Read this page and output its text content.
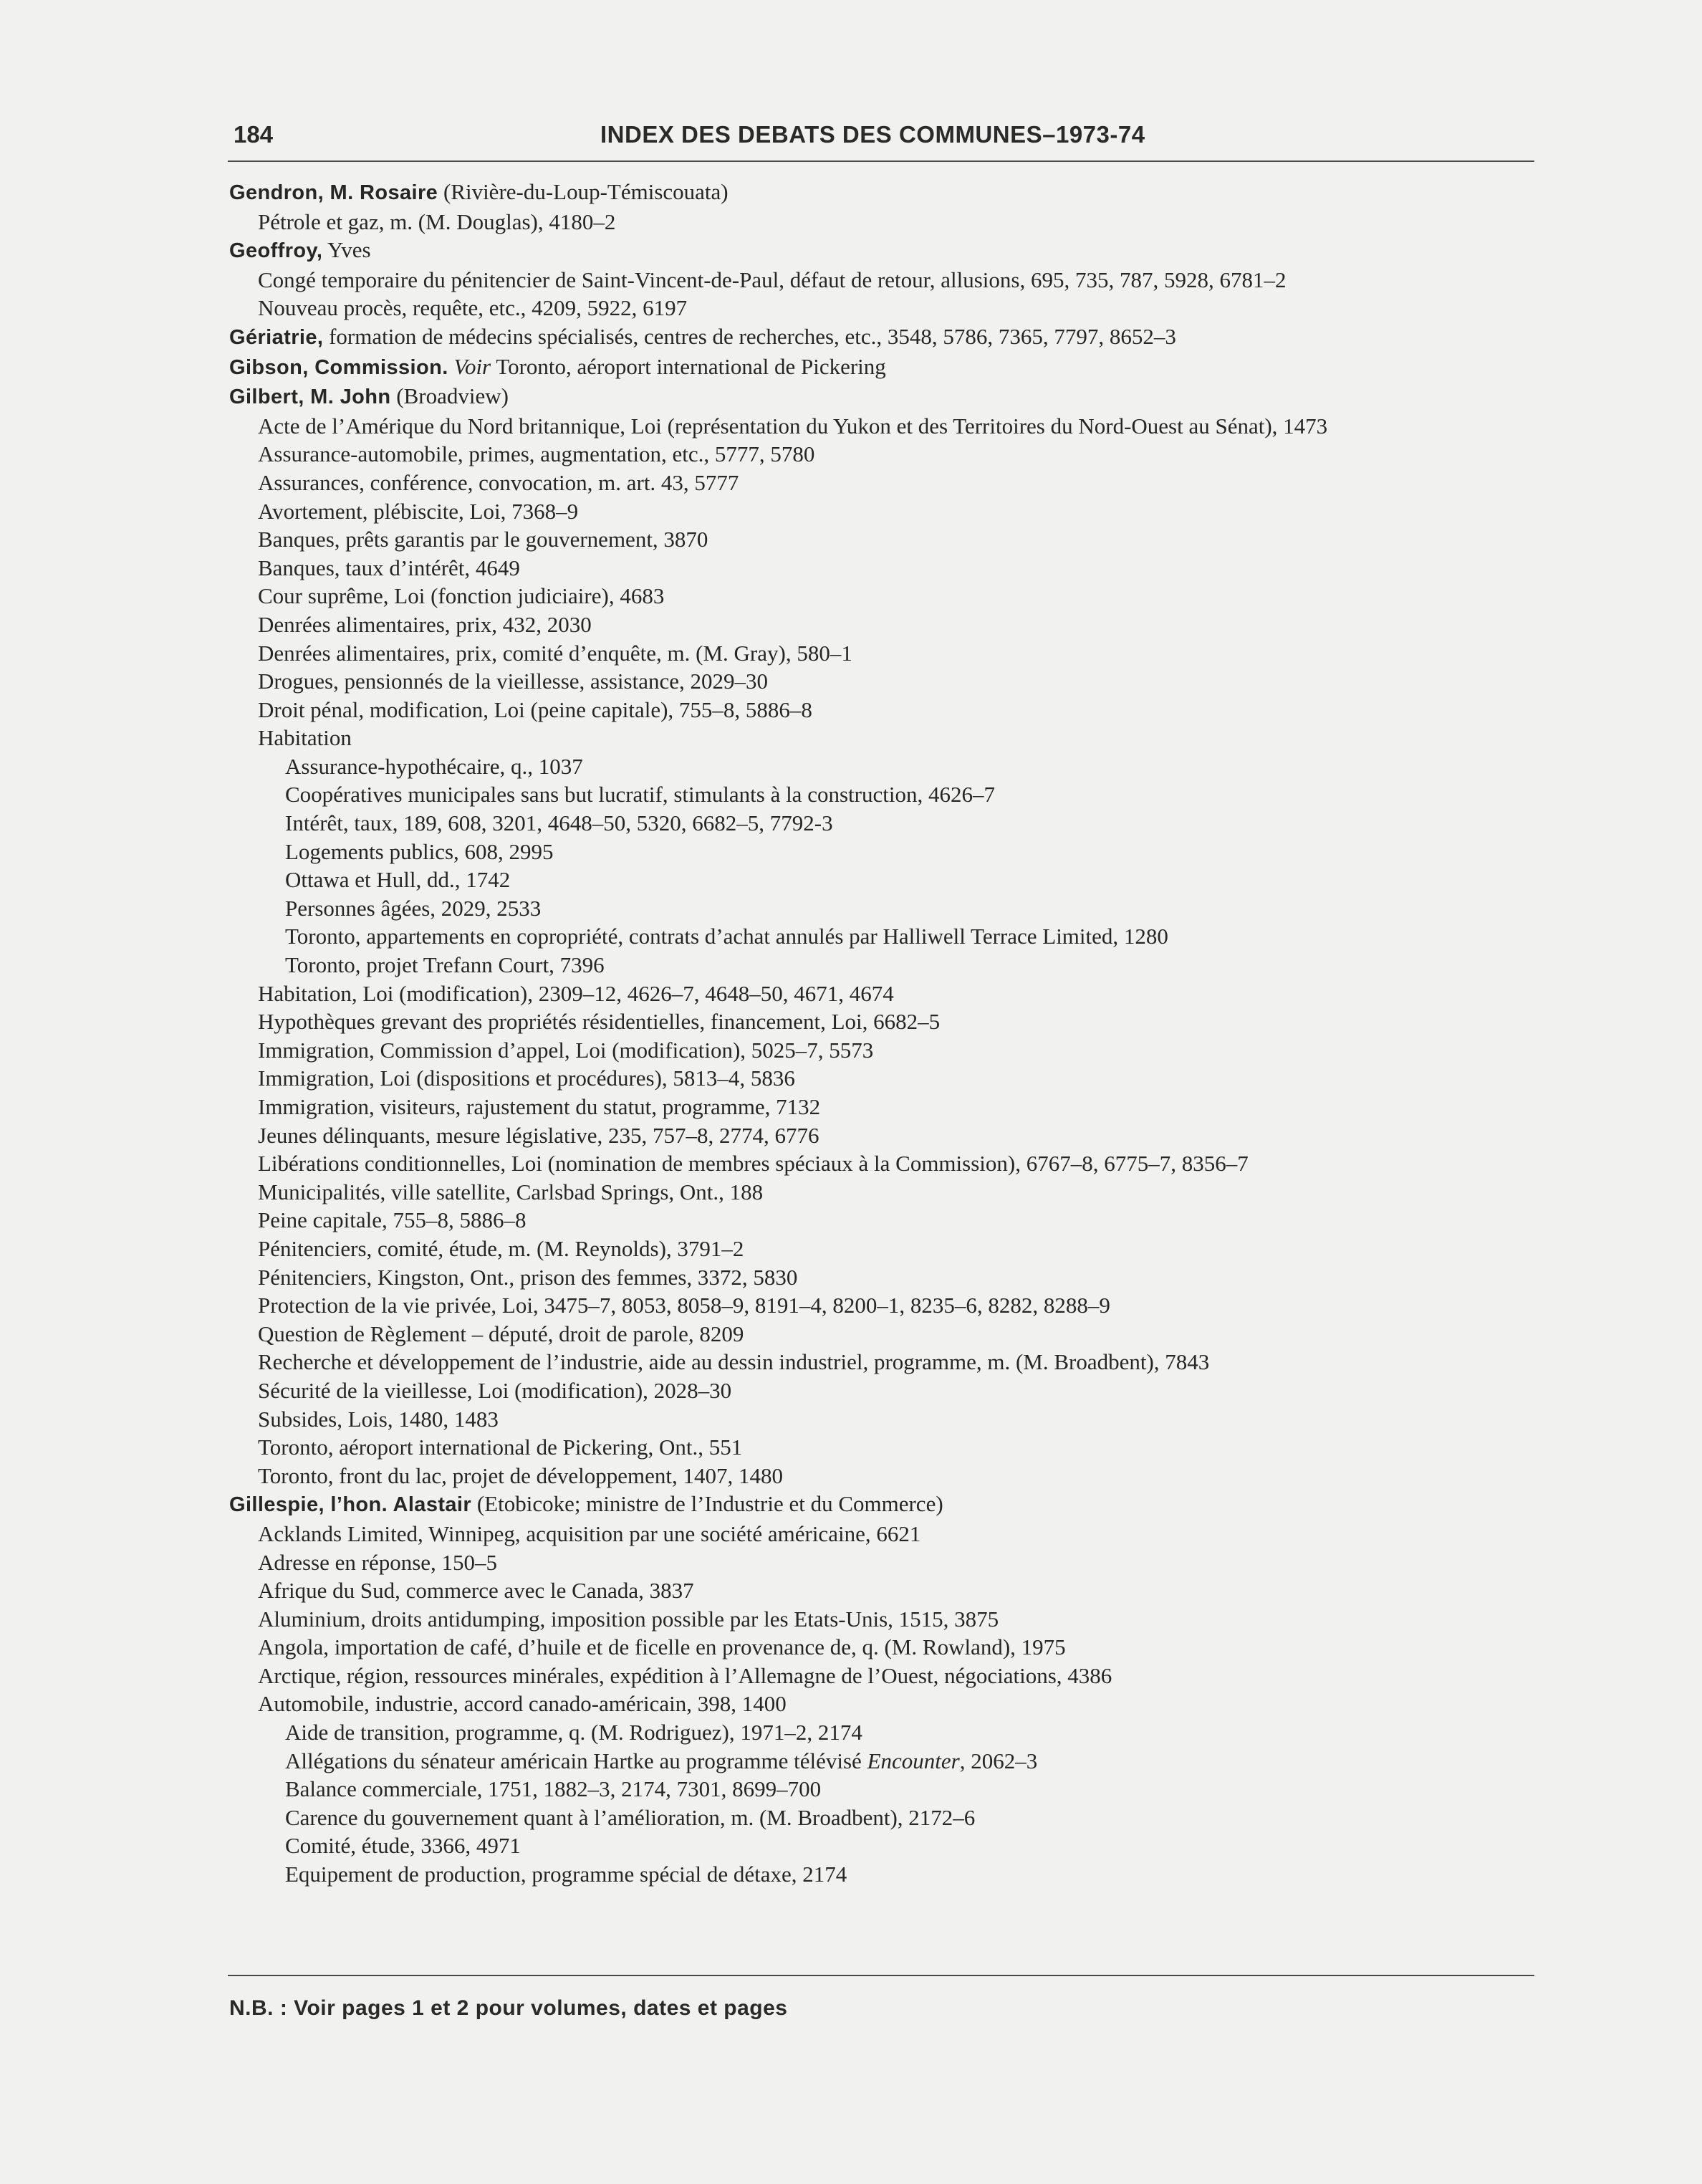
184	INDEX DES DEBATS DES COMMUNES–1973-74
Gendron, M. Rosaire (Rivière-du-Loup-Témiscouata)
Pétrole et gaz, m. (M. Douglas), 4180–2
Geoffroy, Yves
Congé temporaire du pénitencier de Saint-Vincent-de-Paul, défaut de retour, allusions, 695, 735, 787, 5928, 6781–2
Nouveau procès, requête, etc., 4209, 5922, 6197
Gériatrie, formation de médecins spécialisés, centres de recherches, etc., 3548, 5786, 7365, 7797, 8652–3
Gibson, Commission. Voir Toronto, aéroport international de Pickering
Gilbert, M. John (Broadview)
Acte de l’Amérique du Nord britannique, Loi (représentation du Yukon et des Territoires du Nord-Ouest au Sénat), 1473
Assurance-automobile, primes, augmentation, etc., 5777, 5780
Assurances, conférence, convocation, m. art. 43, 5777
Avortement, plébiscite, Loi, 7368–9
Banques, prêts garantis par le gouvernement, 3870
Banques, taux d’intérêt, 4649
Cour suprême, Loi (fonction judiciaire), 4683
Denrées alimentaires, prix, 432, 2030
Denrées alimentaires, prix, comité d’enquête, m. (M. Gray), 580–1
Drogues, pensionnés de la vieillesse, assistance, 2029–30
Droit pénal, modification, Loi (peine capitale), 755–8, 5886–8
Habitation
Assurance-hypothécaire, q., 1037
Coopératives municipales sans but lucratif, stimulants à la construction, 4626–7
Intérêt, taux, 189, 608, 3201, 4648–50, 5320, 6682–5, 7792-3
Logements publics, 608, 2995
Ottawa et Hull, dd., 1742
Personnes âgées, 2029, 2533
Toronto, appartements en copropriété, contrats d’achat annulés par Halliwell Terrace Limited, 1280
Toronto, projet Trefann Court, 7396
Habitation, Loi (modification), 2309–12, 4626–7, 4648–50, 4671, 4674
Hypothèques grevant des propriétés résidentielles, financement, Loi, 6682–5
Immigration, Commission d’appel, Loi (modification), 5025–7, 5573
Immigration, Loi (dispositions et procédures), 5813–4, 5836
Immigration, visiteurs, rajustement du statut, programme, 7132
Jeunes délinquants, mesure législative, 235, 757–8, 2774, 6776
Libérations conditionnelles, Loi (nomination de membres spéciaux à la Commission), 6767–8, 6775–7, 8356–7
Municipalités, ville satellite, Carlsbad Springs, Ont., 188
Peine capitale, 755–8, 5886–8
Pénitenciers, comité, étude, m. (M. Reynolds), 3791–2
Pénitenciers, Kingston, Ont., prison des femmes, 3372, 5830
Protection de la vie privée, Loi, 3475–7, 8053, 8058–9, 8191–4, 8200–1, 8235–6, 8282, 8288–9
Question de Règlement – député, droit de parole, 8209
Recherche et développement de l’industrie, aide au dessin industriel, programme, m. (M. Broadbent), 7843
Sécurité de la vieillesse, Loi (modification), 2028–30
Subsides, Lois, 1480, 1483
Toronto, aéroport international de Pickering, Ont., 551
Toronto, front du lac, projet de développement, 1407, 1480
Gillespie, l’hon. Alastair (Etobicoke; ministre de l’Industrie et du Commerce)
Acklands Limited, Winnipeg, acquisition par une société américaine, 6621
Adresse en réponse, 150–5
Afrique du Sud, commerce avec le Canada, 3837
Aluminium, droits antidumping, imposition possible par les Etats-Unis, 1515, 3875
Angola, importation de café, d’huile et de ficelle en provenance de, q. (M. Rowland), 1975
Arctique, région, ressources minérales, expédition à l’Allemagne de l’Ouest, négociations, 4386
Automobile, industrie, accord canado-américain, 398, 1400
Aide de transition, programme, q. (M. Rodriguez), 1971–2, 2174
Allégations du sénateur américain Hartke au programme télévisé Encounter, 2062–3
Balance commerciale, 1751, 1882–3, 2174, 7301, 8699–700
Carence du gouvernement quant à l’amélioration, m. (M. Broadbent), 2172–6
Comité, étude, 3366, 4971
Equipement de production, programme spécial de détaxe, 2174
N.B. : Voir pages 1 et 2 pour volumes, dates et pages
